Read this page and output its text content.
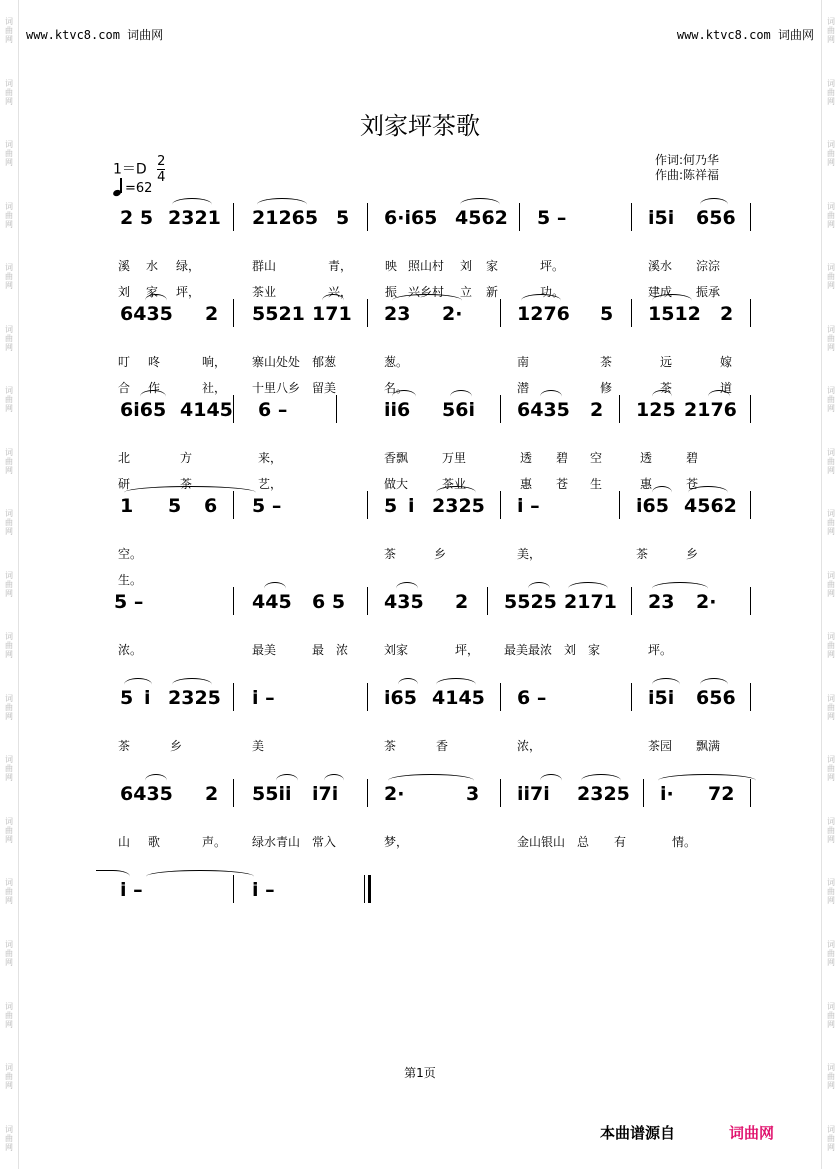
词曲网
词曲网
词曲网
词曲网
词曲网
词曲网
词曲网
词曲网
词曲网
词曲网
词曲网
词曲网
词曲网
词曲网
词曲网
词曲网
词曲网
词曲网
词曲网
词曲网
词曲网
词曲网
词曲网
词曲网
词曲网
词曲网
词曲网
词曲网
词曲网
词曲网
词曲网
词曲网
词曲网
词曲网
词曲网
词曲网
词曲网
词曲网
www.ktvc8.com 词曲网	www.ktvc8.com 词曲网
刘家坪茶歌
$1=D \frac{2}{4}$
=62
作词:何乃华
作曲:陈祥福
2 5 2321 21265 5 6·i65 4562 5 –	i5i 656
溪 水 绿，	群山	青，	映 照山村 刘 家	坪。	溪水 淙淙
刘 家 坪，	茶业	兴，	振 兴乡村 立 新	功。	建成 振承
6435 2 5521 171 23 2·	1276 5 1512 2
叮 咚	响， 寨山处处 郁葱	葱。	南	茶	远	嫁
合 作	社， 十里八乡 留美	名。	潜	修	茶	道
6i65 4145 6 –	ii6 56i 6435 2 125 2176
北	方	来，	香飘	万里	透 碧 空	透	碧
研	茶	艺，	做大	茶业	惠 苍 生	惠	苍
1 5 6 5 –	5 i 2325 i –	i65 4562
空。	茶	乡	美，	茶	乡
生。
5 –	445 6 5 435 2 5525 2171 23 2·
浓。	最美	最 浓	刘家	坪， 最美最浓 刘 家	坪。
5 i 2325 i –	i65 4145 6 –	i5i 656
茶	乡	美	茶	香	浓，	茶园 飘满
6435 2 55ii i7i 2·	3 ii7i 2325 i· 72
山 歌	声。 绿水青山 常入	梦，	金山银山 总 有	情。
i –	i –
第1页
本曲谱源自	词曲网
